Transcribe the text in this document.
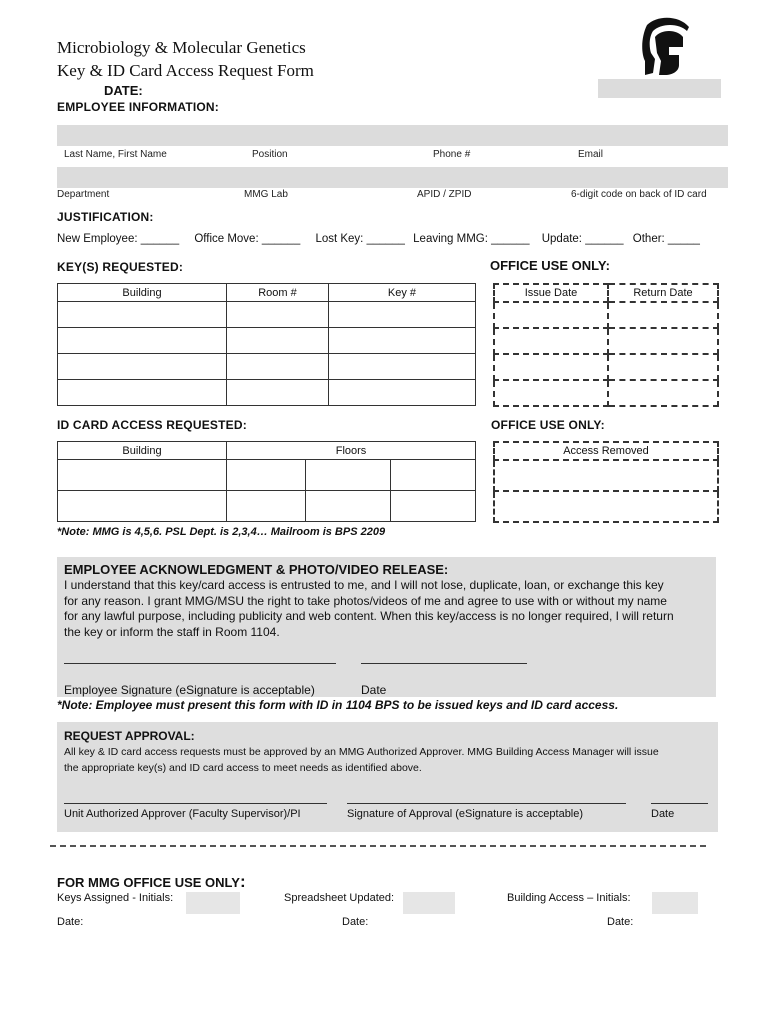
Microbiology & Molecular Genetics
Key & ID Card Access Request Form
DATE:
EMPLOYEE INFORMATION:
Last Name, First Name	Position	Phone #	Email
Department	MMG Lab	APID / ZPID	6-digit code on back of ID card
JUSTIFICATION:
New Employee: ______ Office Move: ______ Lost Key: ______ Leaving MMG: ______ Update: ______ Other: _____
KEY(S) REQUESTED:	OFFICE USE ONLY:
Building	Room #	Key #

			Issue Date	Return Date

ID CARD ACCESS REQUESTED:	OFFICE USE ONLY:
Building	Floors		

				Access Removed

*Note: MMG is 4,5,6. PSL Dept. is 2,3,4… Mailroom is BPS 2209
EMPLOYEE ACKNOWLEDGMENT & PHOTO/VIDEO RELEASE:
I understand that this key/card access is entrusted to me, and I will not lose, duplicate, loan, or exchange this key
for any reason. I grant MMG/MSU the right to take photos/videos of me and agree to use with or without my name
for any lawful purpose, including publicity and web content. When this key/access is no longer required, I will return
the key or inform the staff in Room 1104.
Employee Signature (eSignature is acceptable)	Date
*Note: Employee must present this form with ID in 1104 BPS to be issued keys and ID card access.
REQUEST APPROVAL:
All key & ID card access requests must be approved by an MMG Authorized Approver. MMG Building Access Manager will issue
the appropriate key(s) and ID card access to meet needs as identified above.
Unit Authorized Approver (Faculty Supervisor)/PI	Signature of Approval (eSignature is acceptable)	Date
FOR MMG OFFICE USE ONLY:
Keys Assigned - Initials:	Spreadsheet Updated:	Building Access – Initials:
Date:	Date:	Date:
